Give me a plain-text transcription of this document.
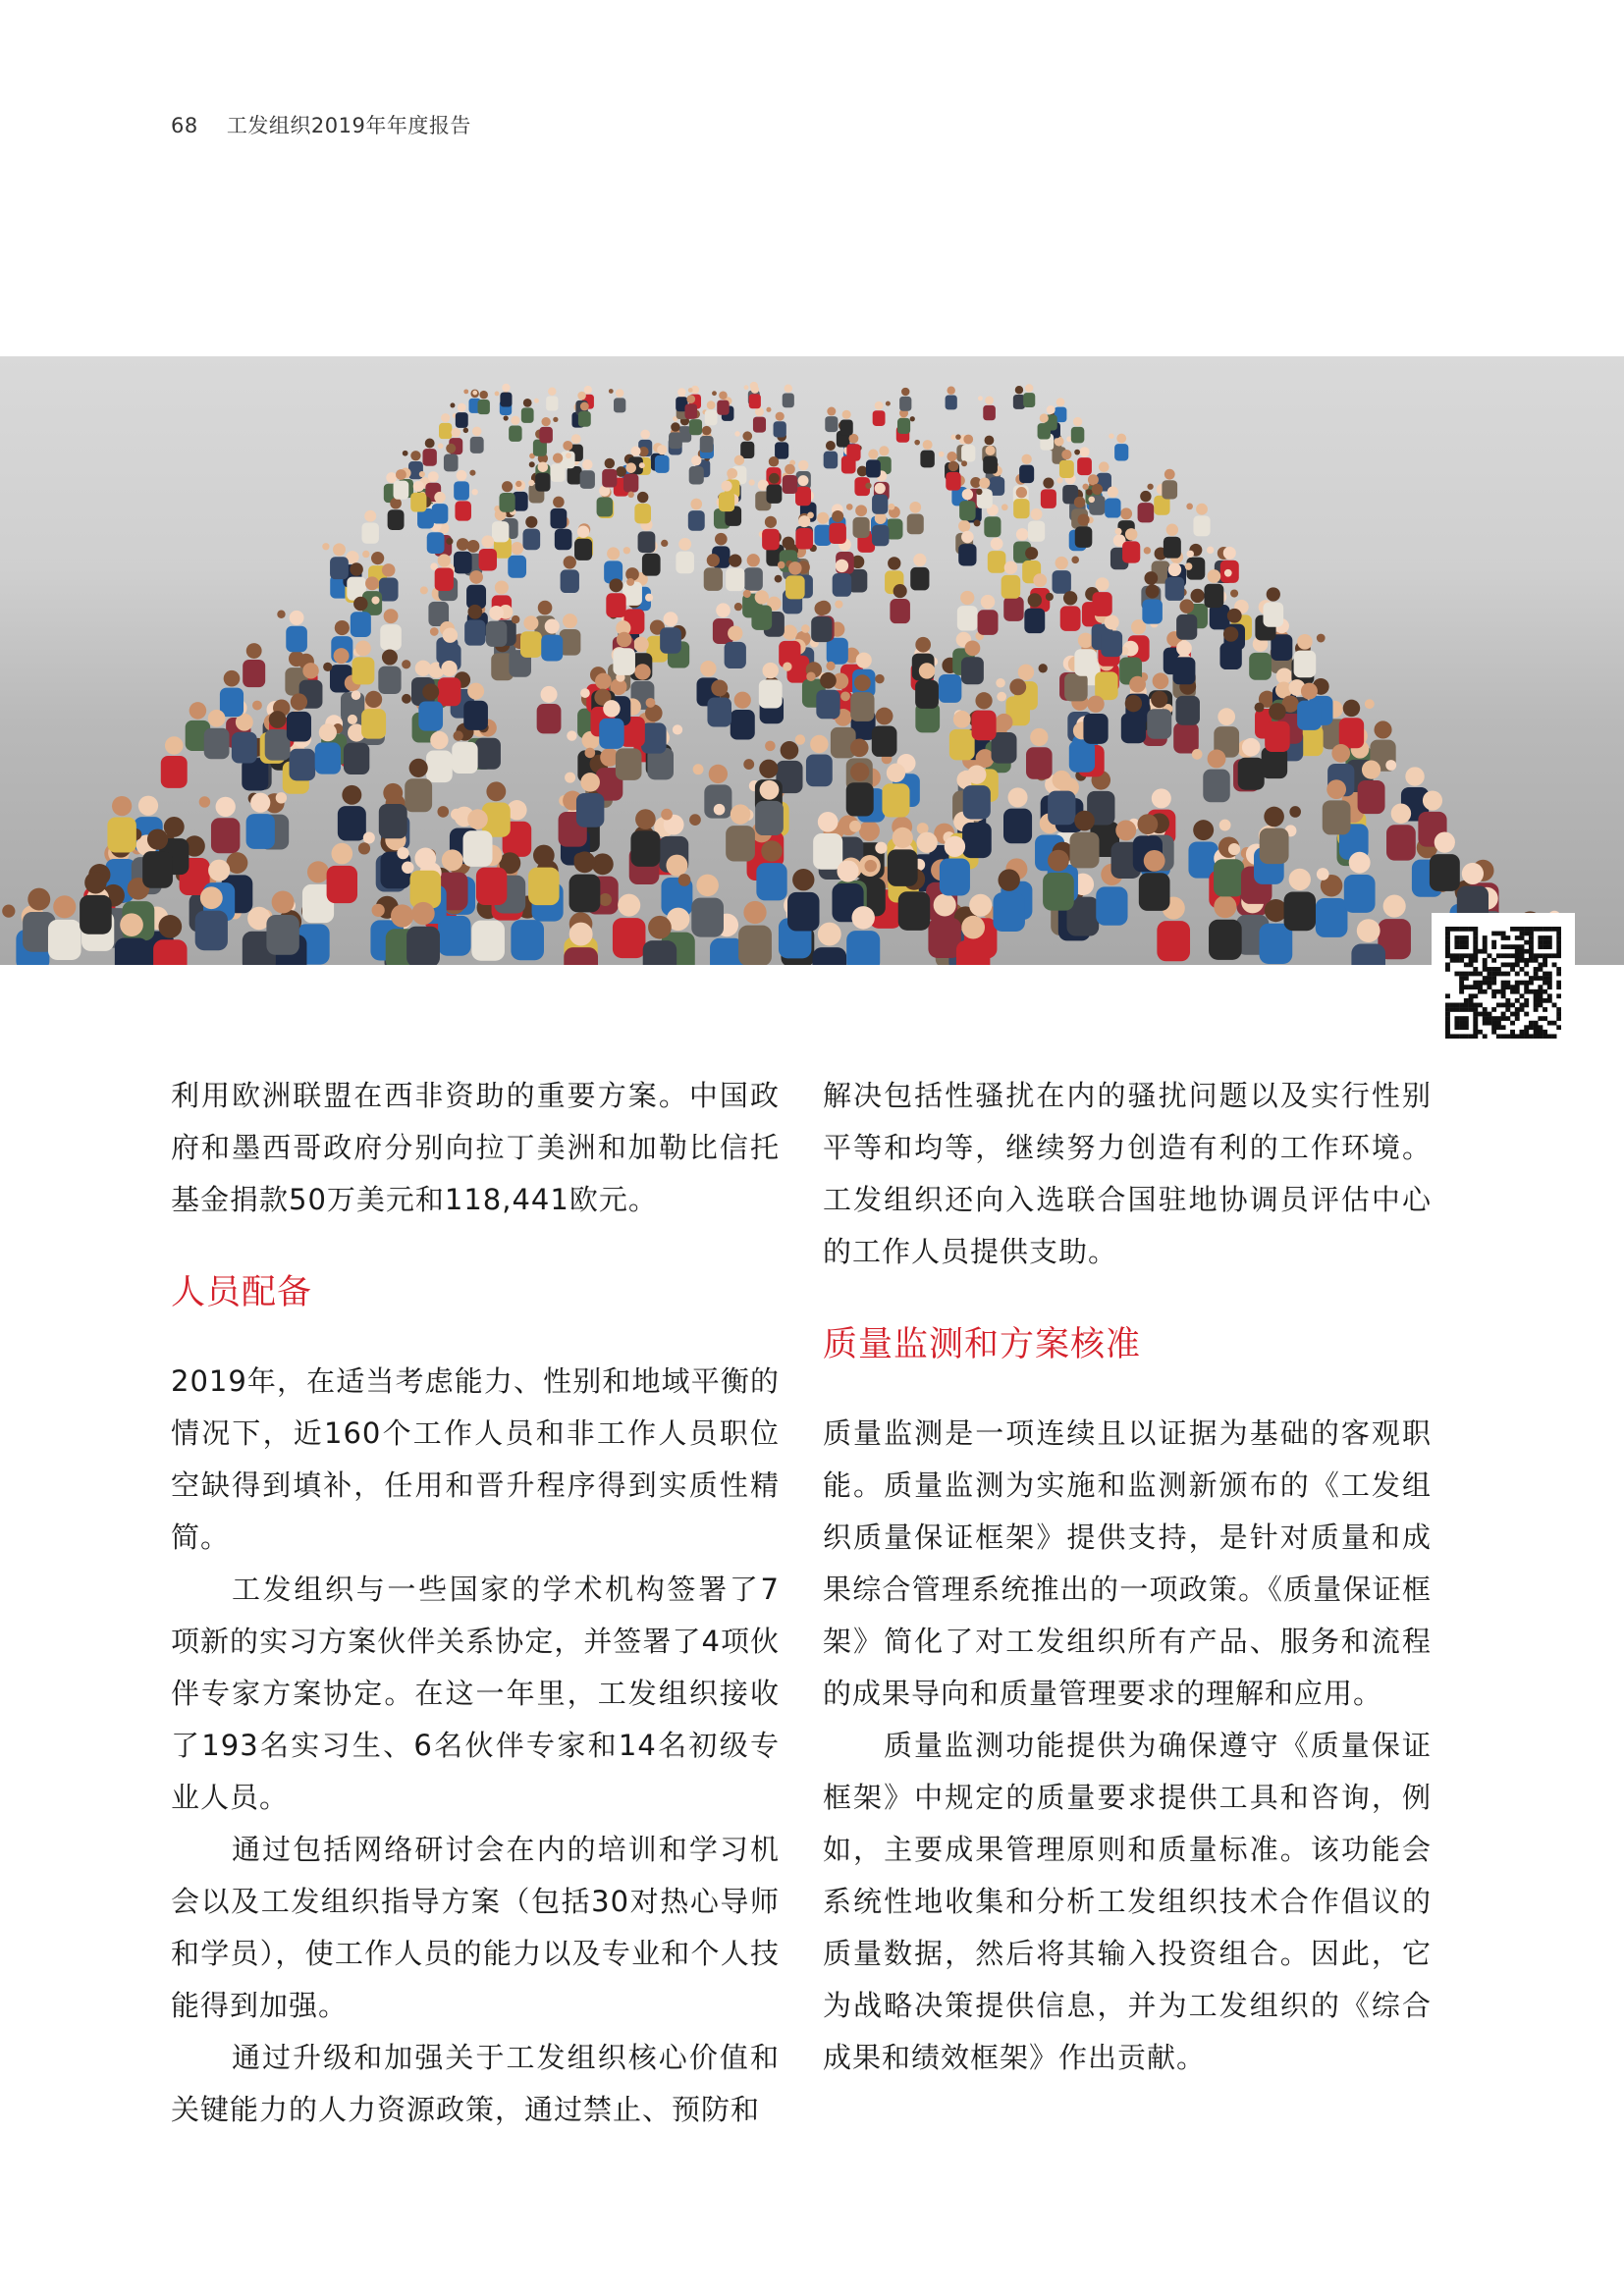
68 工发组织2019年年度报告

利用欧洲联盟在西非资助的重要方案。中国政府和墨西哥政府分别向拉丁美洲和加勒比信托基金捐款50万美元和118,441欧元。

人员配备

2019年，在适当考虑能力、性别和地域平衡的情况下，近160个工作人员和非工作人员职位空缺得到填补，任用和晋升程序得到实质性精简。

工发组织与一些国家的学术机构签署了7项新的实习方案伙伴关系协定，并签署了4项伙伴专家方案协定。在这一年里，工发组织接收了193名实习生、6名伙伴专家和14名初级专业人员。

通过包括网络研讨会在内的培训和学习机会以及工发组织指导方案（包括30对热心导师和学员），使工作人员的能力以及专业和个人技能得到加强。

通过升级和加强关于工发组织核心价值和关键能力的人力资源政策，通过禁止、预防和

解决包括性骚扰在内的骚扰问题以及实行性别平等和均等，继续努力创造有利的工作环境。工发组织还向入选联合国驻地协调员评估中心的工作人员提供支助。

质量监测和方案核准

质量监测是一项连续且以证据为基础的客观职能。质量监测为实施和监测新颁布的《工发组织质量保证框架》提供支持，是针对质量和成果综合管理系统推出的一项政策。《质量保证框架》简化了对工发组织所有产品、服务和流程的成果导向和质量管理要求的理解和应用。

质量监测功能提供为确保遵守《质量保证框架》中规定的质量要求提供工具和咨询，例如，主要成果管理原则和质量标准。该功能会系统性地收集和分析工发组织技术合作倡议的质量数据，然后将其输入投资组合。因此，它为战略决策提供信息，并为工发组织的《综合成果和绩效框架》作出贡献。
